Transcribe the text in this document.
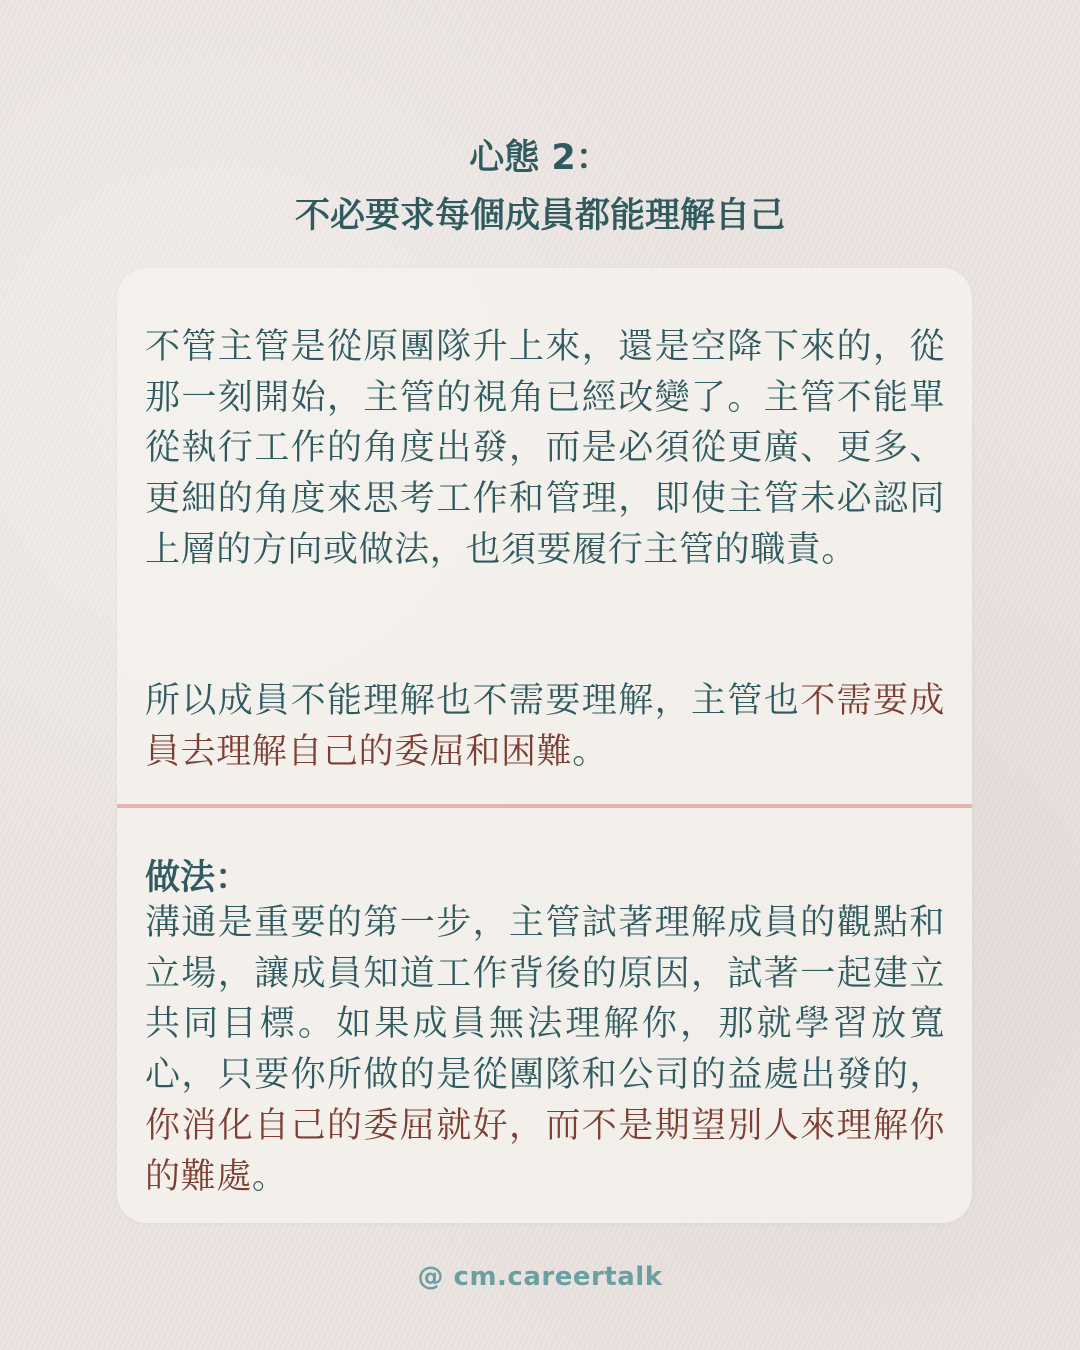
心態 2：
不必要求每個成員都能理解自己

不管主管是從原團隊升上來，還是空降下來的，從那一刻開始，主管的視角已經改變了。主管不能單從執行工作的角度出發，而是必須從更廣、更多、更細的角度來思考工作和管理，即使主管未必認同上層的方向或做法，也須要履行主管的職責。

所以成員不能理解也不需要理解，主管也不需要成員去理解自己的委屈和困難。

做法：

溝通是重要的第一步，主管試著理解成員的觀點和立場，讓成員知道工作背後的原因，試著一起建立共同目標。如果成員無法理解你，那就學習放寬心，只要你所做的是從團隊和公司的益處出發的，你消化自己的委屈就好，而不是期望別人來理解你的難處。

@ cm.careertalk
